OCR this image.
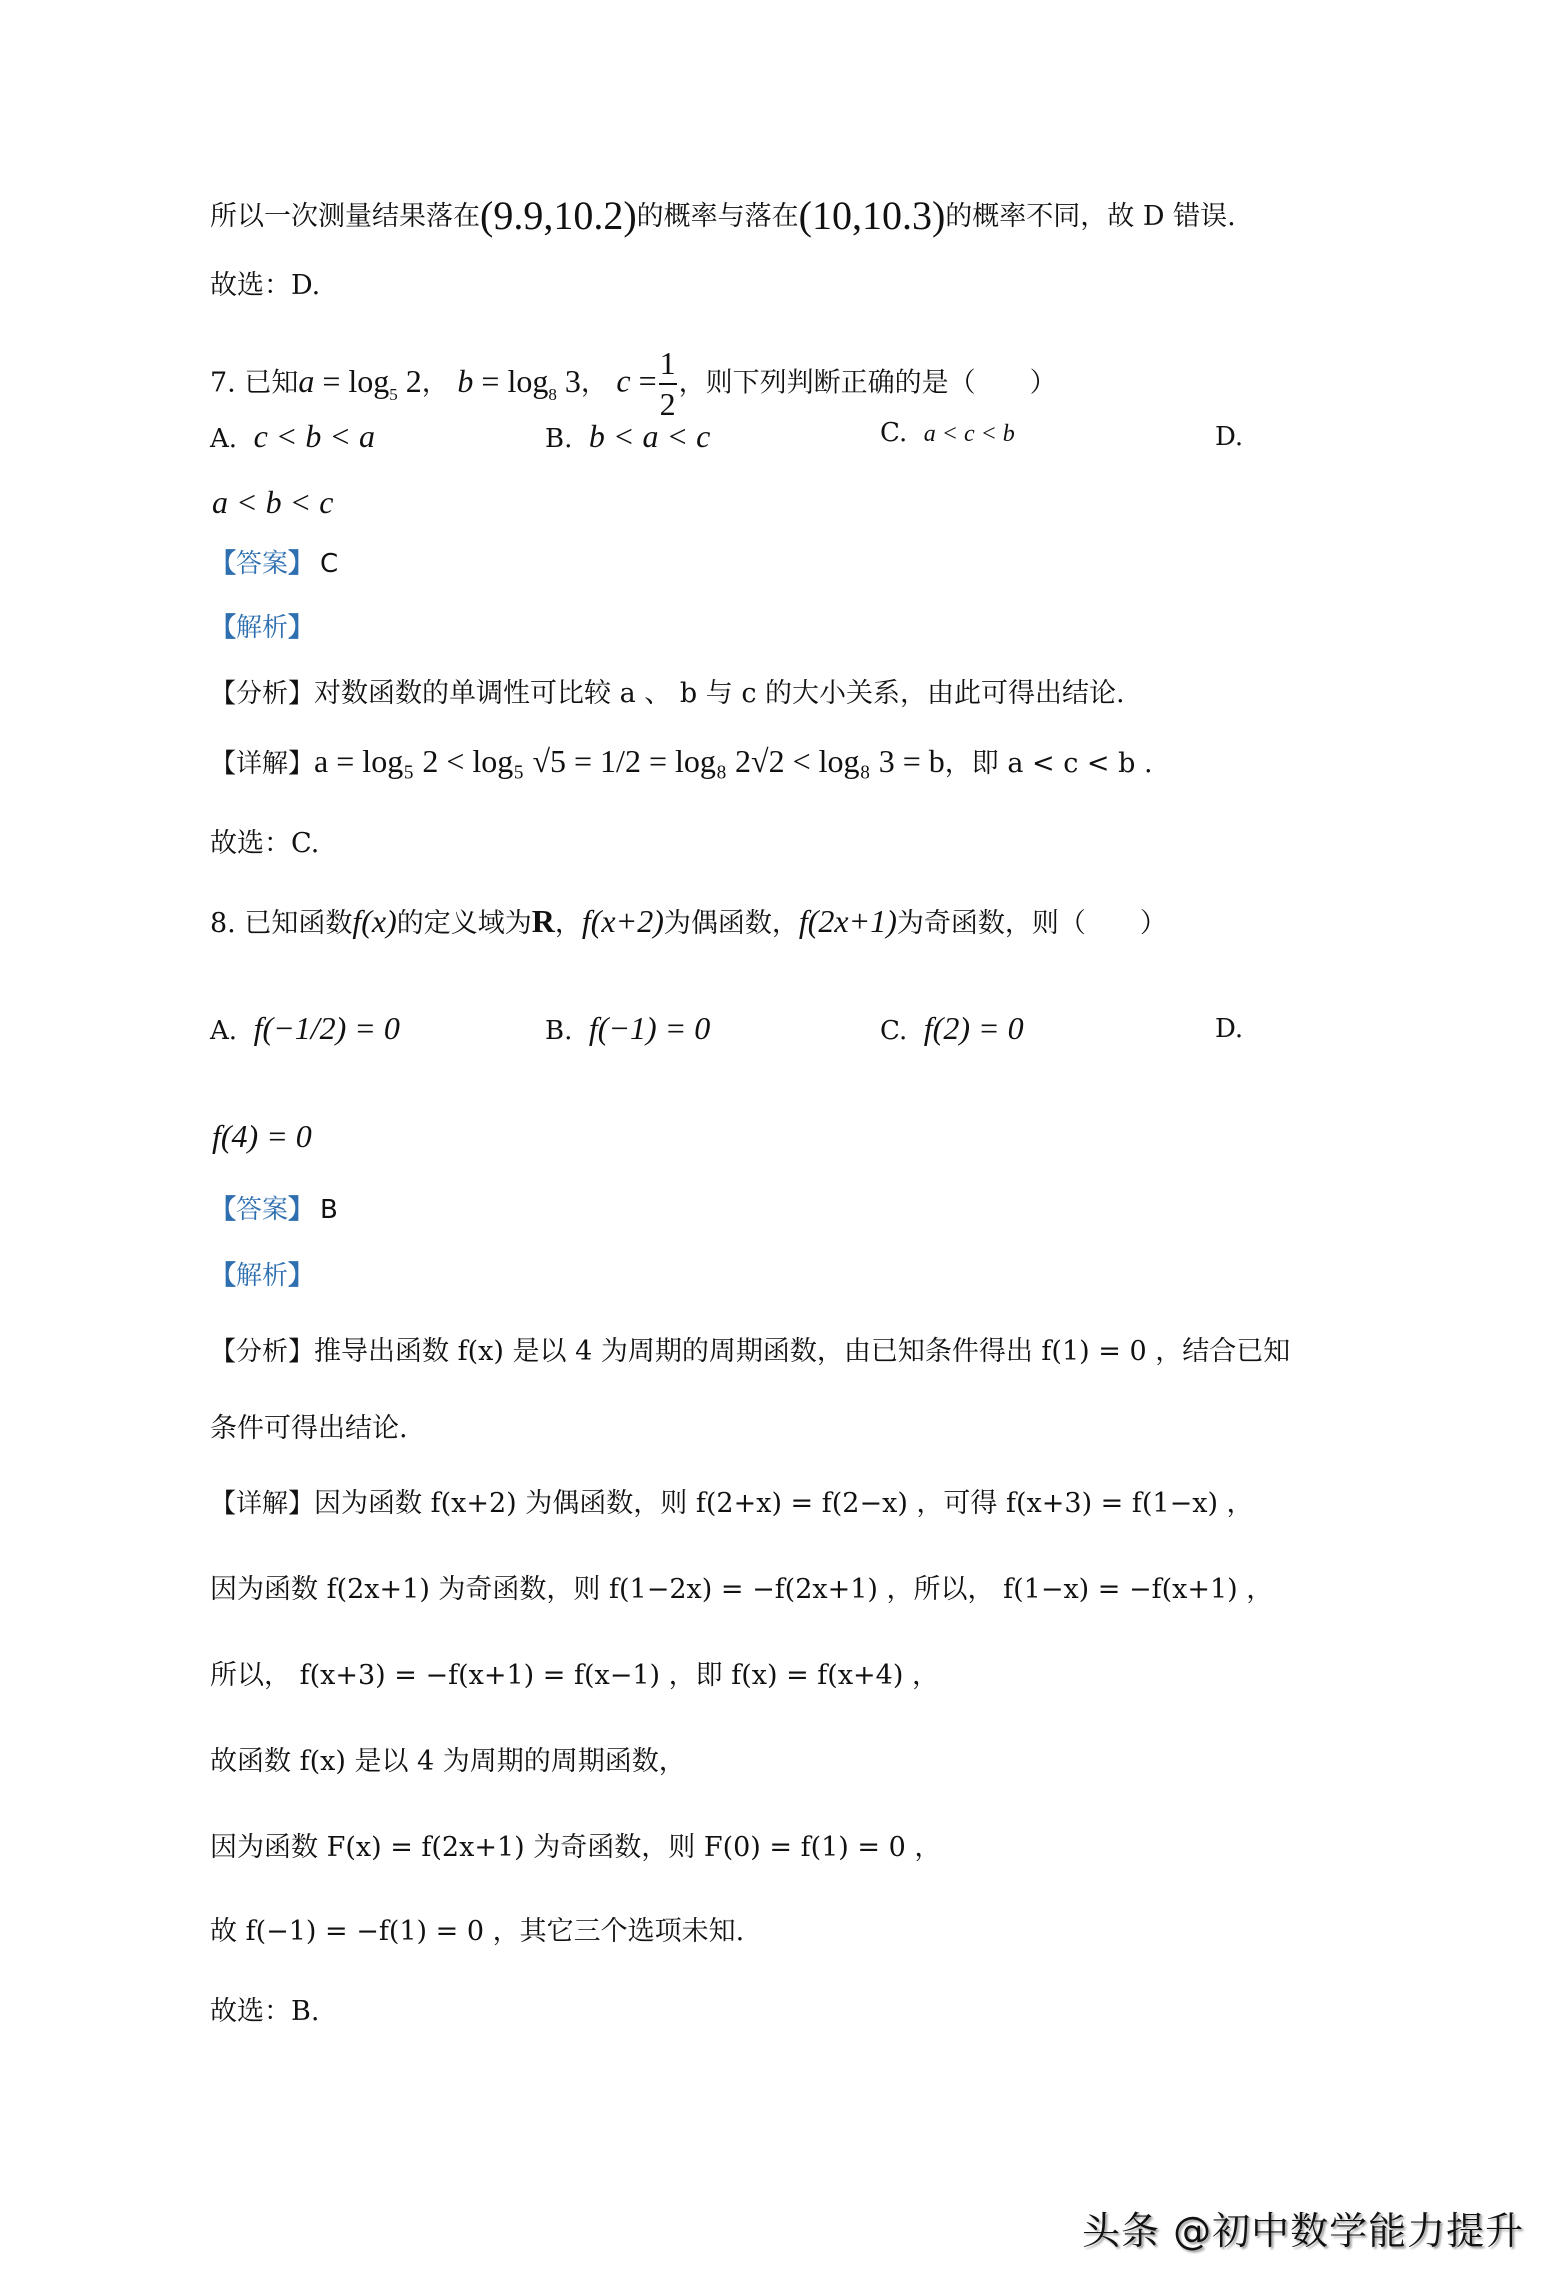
所以一次测量结果落在(9.9,10.2)的概率与落在(10,10.3)的概率不同，故 D 错误.
故选：D.
7. 已知$a = \log_5 2$， $b = \log_8 3$， $c = \frac{1}{2}$ ，则下列判断正确的是（　　）
A. c < b < a	B. b < a < c	C. a < c < b	D.
a < b < c
【答案】 C
【解析】
【分析】对数函数的单调性可比较 a 、 b 与 c 的大小关系，由此可得出结论.
【详解】a = log₅ 2 < log₅ √5 = 1/2 = log₈ 2√2 < log₈ 3 = b，即 a < c < b .
故选：C.
8. 已知函数f(x)的定义域为R，f(x+2)为偶函数，f(2x+1)为奇函数，则（　　）
A. f(−1/2) = 0	B. f(−1) = 0	C. f(2) = 0	D.
f(4) = 0
【答案】 B
【解析】
【分析】推导出函数 f(x) 是以 4 为周期的周期函数，由已知条件得出 f(1) = 0 ，结合已知
条件可得出结论.
【详解】因为函数 f(x+2) 为偶函数，则 f(2+x) = f(2−x) ，可得 f(x+3) = f(1−x) ，
因为函数 f(2x+1) 为奇函数，则 f(1−2x) = −f(2x+1) ，所以， f(1−x) = −f(x+1) ，
所以， f(x+3) = −f(x+1) = f(x−1) ，即 f(x) = f(x+4) ，
故函数 f(x) 是以 4 为周期的周期函数，
因为函数 F(x) = f(2x+1) 为奇函数，则 F(0) = f(1) = 0 ，
故 f(−1) = −f(1) = 0 ，其它三个选项未知.
故选：B.
头条 @初中数学能力提升
